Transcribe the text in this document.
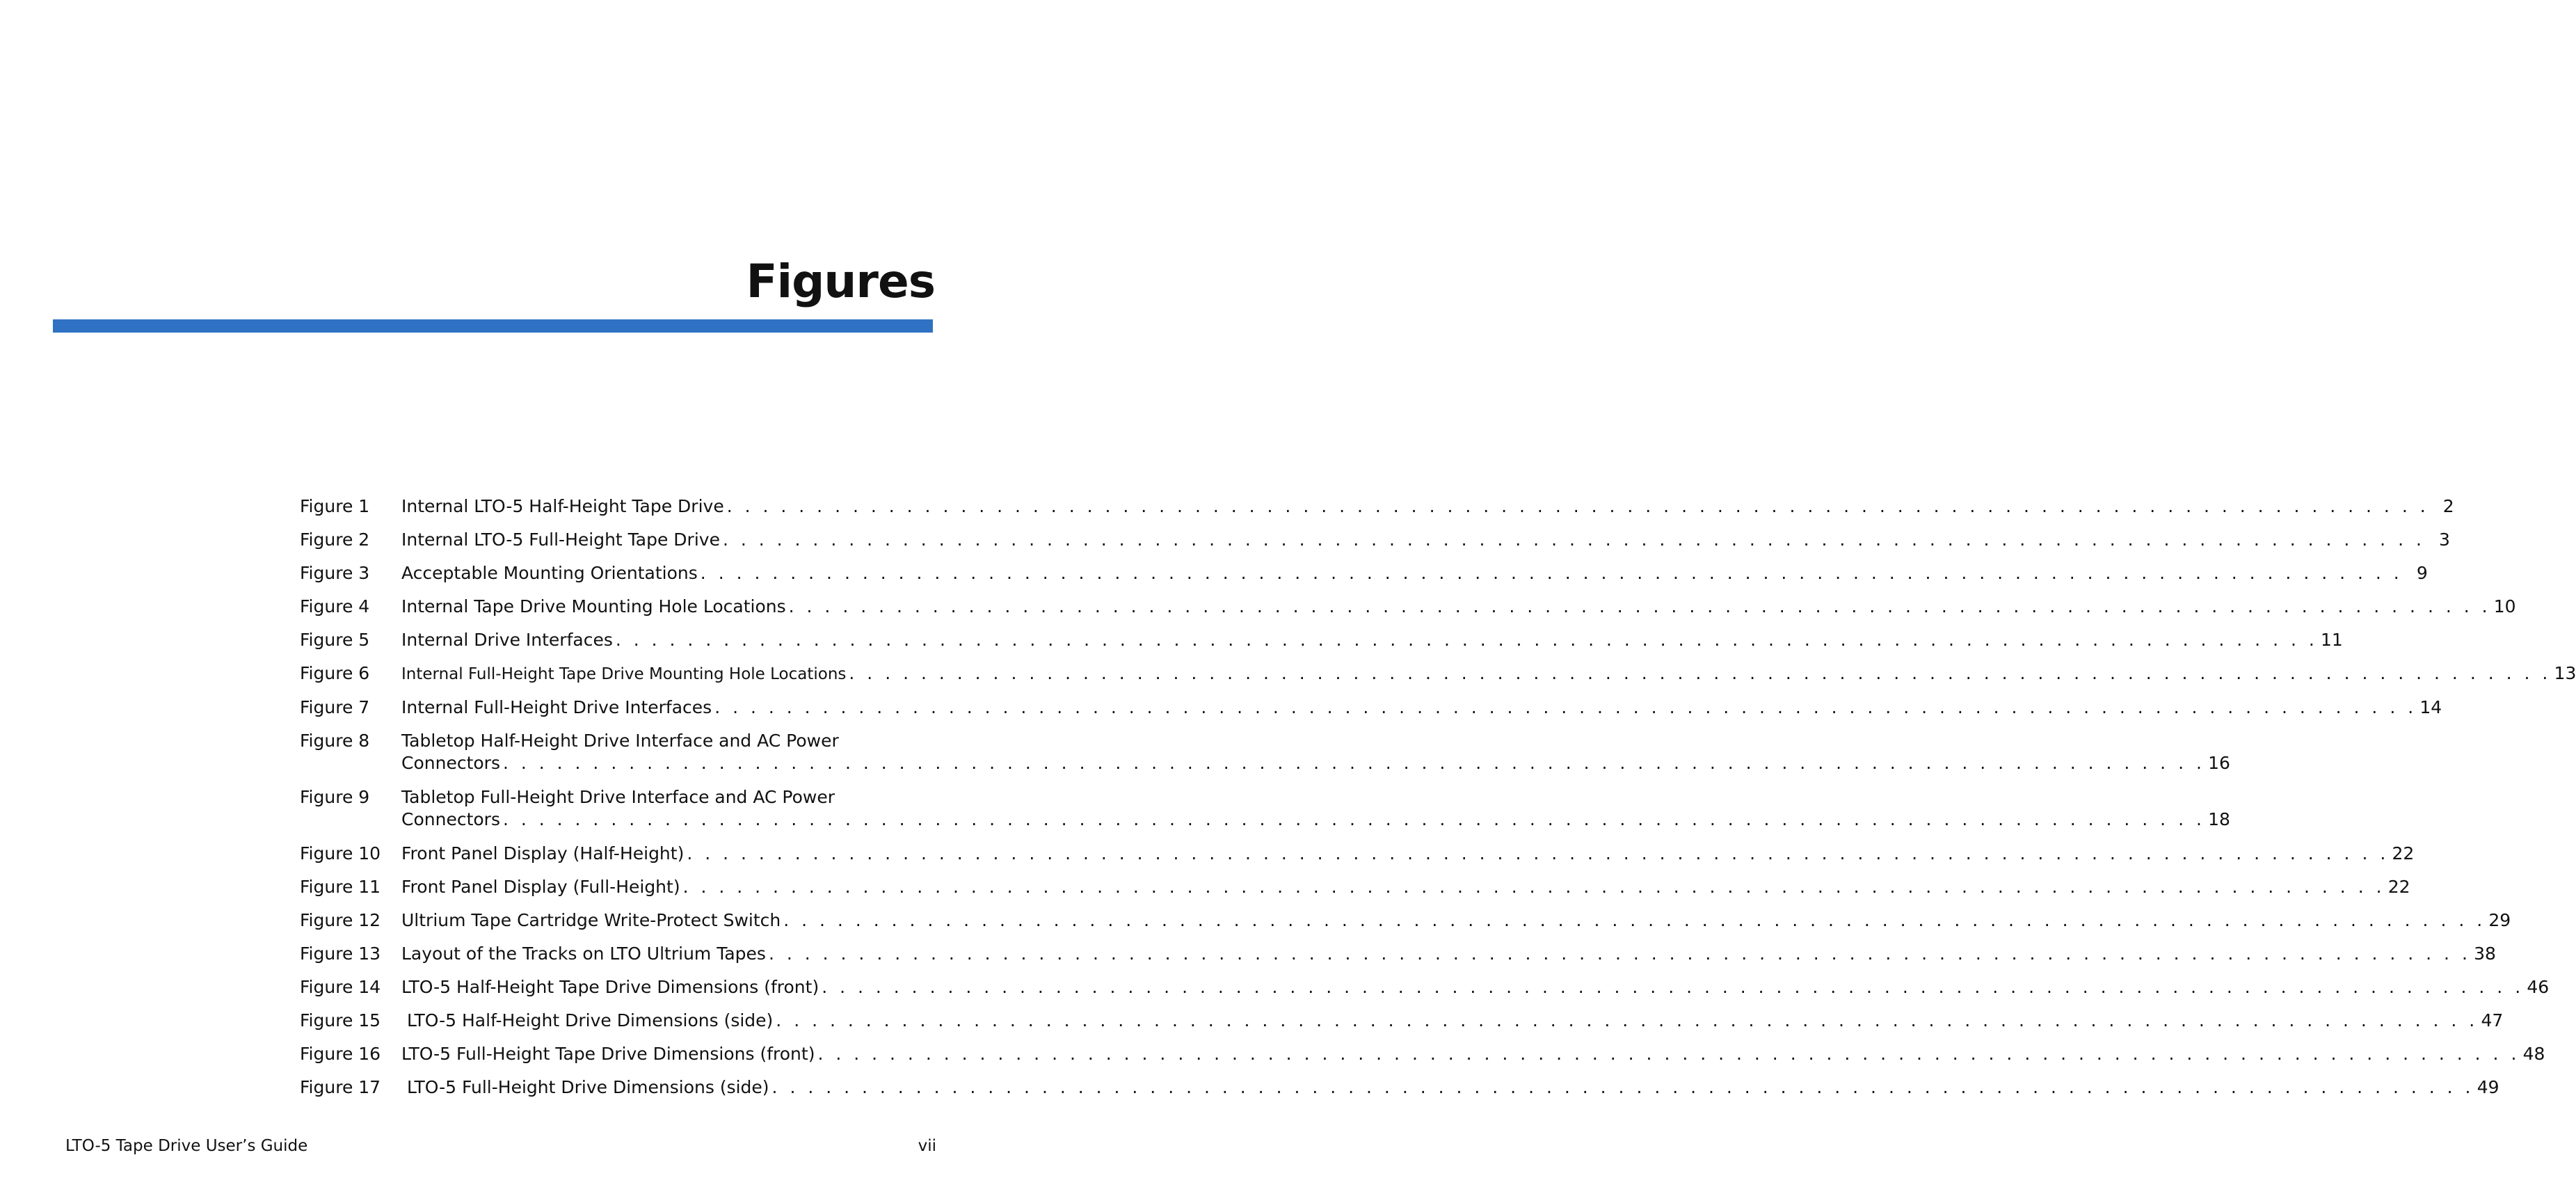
Figures
Figure 1	Internal LTO-5 Half-Height Tape Drive . . .	2
Figure 2	Internal LTO-5 Full-Height Tape Drive . . .	3
Figure 3	Acceptable Mounting Orientations . . .	9
Figure 4	Internal Tape Drive Mounting Hole Locations . . .	10
Figure 5	Internal Drive Interfaces . . .	11
Figure 6	Internal Full-Height Tape Drive Mounting Hole Locations . . .	13
Figure 7	Internal Full-Height Drive Interfaces . . .	14
Figure 8	Tabletop Half-Height Drive Interface and AC Power
Connectors . . .	16
Figure 9	Tabletop Full-Height Drive Interface and AC Power
Connectors . . .	18
Figure 10	Front Panel Display (Half-Height) . . .	22
Figure 11	Front Panel Display (Full-Height) . . .	22
Figure 12	Ultrium Tape Cartridge Write-Protect Switch . . .	29
Figure 13	Layout of the Tracks on LTO Ultrium Tapes . . .	38
Figure 14	LTO-5 Half-Height Tape Drive Dimensions (front) . . .	46
Figure 15	LTO-5 Half-Height Drive Dimensions (side) . . .	47
Figure 16	LTO-5 Full-Height Tape Drive Dimensions (front) . . .	48
Figure 17	LTO-5 Full-Height Drive Dimensions (side) . . .	49
LTO-5 Tape Drive User’s Guide	vii
